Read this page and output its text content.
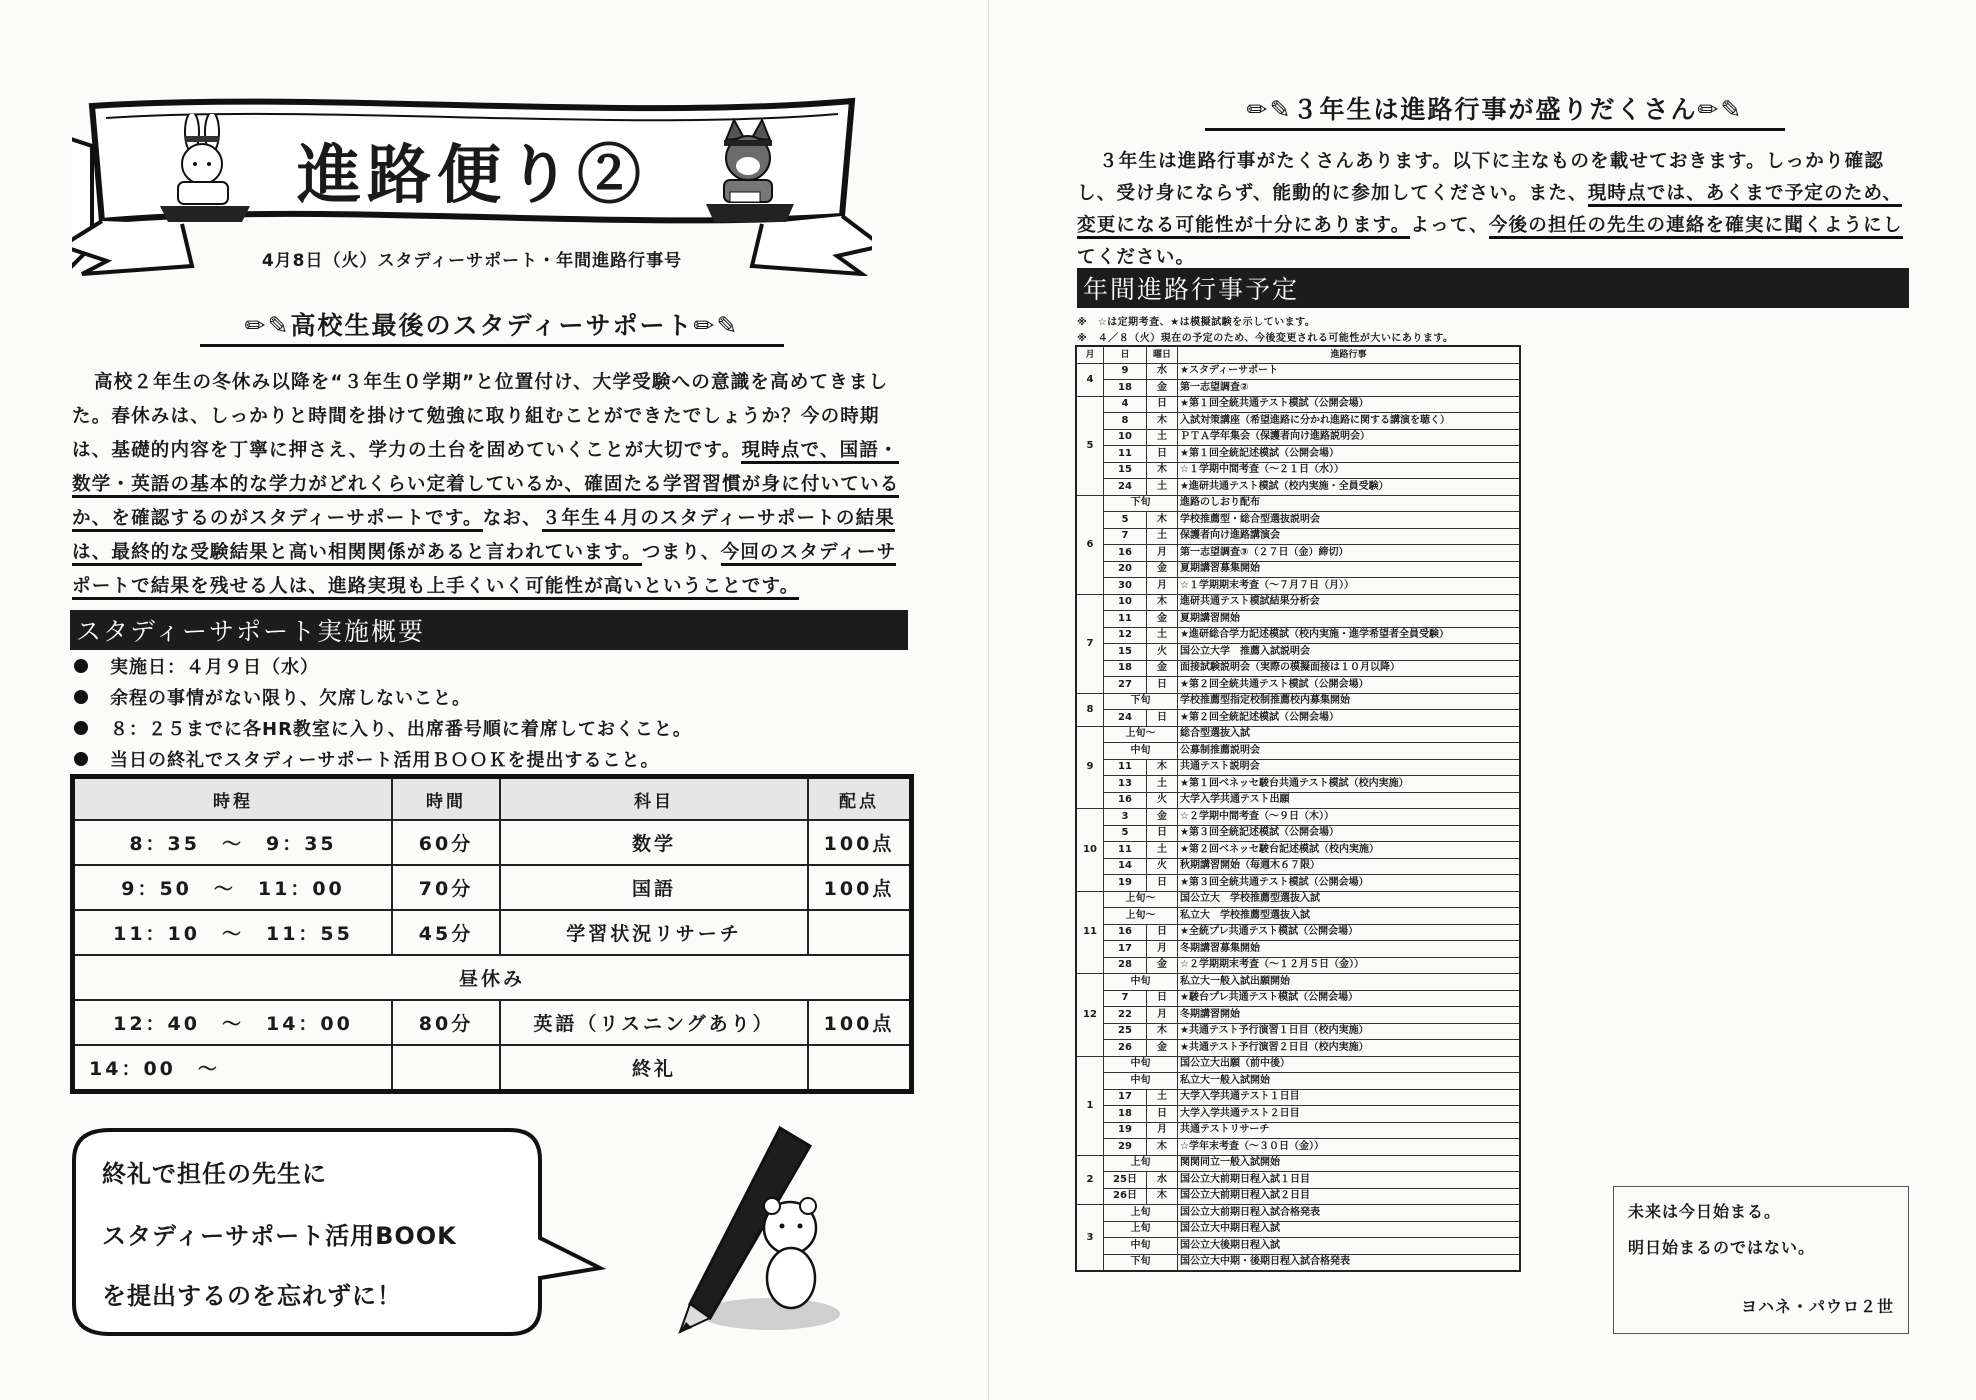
進路便り②
4月8日（火）スタディーサポート・年間進路行事号
✏✎高校生最後のスタディーサポート✏✎
高校２年生の冬休み以降を“３年生０学期”と位置付け、大学受験への意識を高めてきました。春休みは、しっかりと時間を掛けて勉強に取り組むことができたでしょうか？今の時期は、基礎的内容を丁寧に押さえ、学力の土台を固めていくことが大切です。現時点で、国語・数学・英語の基本的な学力がどれくらい定着しているか、確固たる学習習慣が身に付いているか、を確認するのがスタディーサポートです。なお、３年生４月のスタディーサポートの結果は、最終的な受験結果と高い相関関係があると言われています。つまり、今回のスタディーサポートで結果を残せる人は、進路実現も上手くいく可能性が高いということです。
スタディーサポート実施概要
実施日：４月９日（水）
余程の事情がない限り、欠席しないこと。
８：２５までに各HR教室に入り、出席番号順に着席しておくこと。
当日の終礼でスタディーサポート活用ＢＯＯＫを提出すること。
時程	時間	科目	配点
8：35　～　9：35	60分	数学	100点
9：50　～　11：00	70分	国語	100点
11：10　～　11：55	45分	学習状況リサーチ	
昼休み			
12：40　～　14：00	80分	英語（リスニングあり）	100点
14：00　～		終礼	
終礼で担任の先生に
スタディーサポート活用BOOK
を提出するのを忘れずに！
✏✎３年生は進路行事が盛りだくさん✏✎
３年生は進路行事がたくさんあります。以下に主なものを載せておきます。しっかり確認し、受け身にならず、能動的に参加してください。また、現時点では、あくまで予定のため、変更になる可能性が十分にあります。よって、今後の担任の先生の連絡を確実に聞くようにしてください。
年間進路行事予定
※　☆は定期考査、★は模擬試験を示しています。
※　４／８（火）現在の予定のため、今後変更される可能性が大いにあります。
月	日	曜日	進路行事
4	9	水	★スタディーサポート
	18	金	第一志望調査②
5	4	日	★第１回全統共通テスト模試（公開会場）
	8	木	入試対策講座（希望進路に分かれ進路に関する講演を聴く）
	10	土	ＰＴＡ学年集会（保護者向け進路説明会）
	11	日	★第１回全統記述模試（公開会場）
	15	木	☆１学期中間考査（～２１日（水））
	24	土	★進研共通テスト模試（校内実施・全員受験）
6	下旬		進路のしおり配布
	5	木	学校推薦型・総合型選抜説明会
	7	土	保護者向け進路講演会
	16	月	第一志望調査③（２７日（金）締切）
	20	金	夏期講習募集開始
	30	月	☆１学期期末考査（～７月７日（月））
7	10	木	進研共通テスト模試結果分析会
	11	金	夏期講習開始
	12	土	★進研総合学力記述模試（校内実施・進学希望者全員受験）
	15	火	国公立大学　推薦入試説明会
	18	金	面接試験説明会（実際の模擬面接は１０月以降）
	27	日	★第２回全統共通テスト模試（公開会場）
8	下旬		学校推薦型指定校制推薦校内募集開始
	24	日	★第２回全統記述模試（公開会場）
9	上旬～		総合型選抜入試
	中旬		公募制推薦説明会
	11	木	共通テスト説明会
	13	土	★第１回ベネッセ駿台共通テスト模試（校内実施）
	16	火	大学入学共通テスト出願
10	3	金	☆２学期中間考査（～９日（木））
	5	日	★第３回全統記述模試（公開会場）
	11	土	★第２回ベネッセ駿台記述模試（校内実施）
	14	火	秋期講習開始（毎週木６７限）
	19	日	★第３回全統共通テスト模試（公開会場）
11	上旬～		国公立大　学校推薦型選抜入試
	上旬～		私立大　学校推薦型選抜入試
	16	日	★全統プレ共通テスト模試（公開会場）
	17	月	冬期講習募集開始
	28	金	☆２学期期末考査（～１２月５日（金））
12	中旬		私立大一般入試出願開始
	7	日	★駿台プレ共通テスト模試（公開会場）
	22	月	冬期講習開始
	25	木	★共通テスト予行演習１日目（校内実施）
	26	金	★共通テスト予行演習２日目（校内実施）
1	中旬		国公立大出願（前中後）
	中旬		私立大一般入試開始
	17	土	大学入学共通テスト１日目
	18	日	大学入学共通テスト２日目
	19	月	共通テストリサーチ
	29	木	☆学年末考査（～３０日（金））
2	上旬		関関同立一般入試開始
	25日	水	国公立大前期日程入試１日目
	26日	木	国公立大前期日程入試２日目
3	上旬		国公立大前期日程入試合格発表
	上旬		国公立大中期日程入試
	中旬		国公立大後期日程入試
	下旬		国公立大中期・後期日程入試合格発表
未来は今日始まる。
明日始まるのではない。
ヨハネ・パウロ２世
